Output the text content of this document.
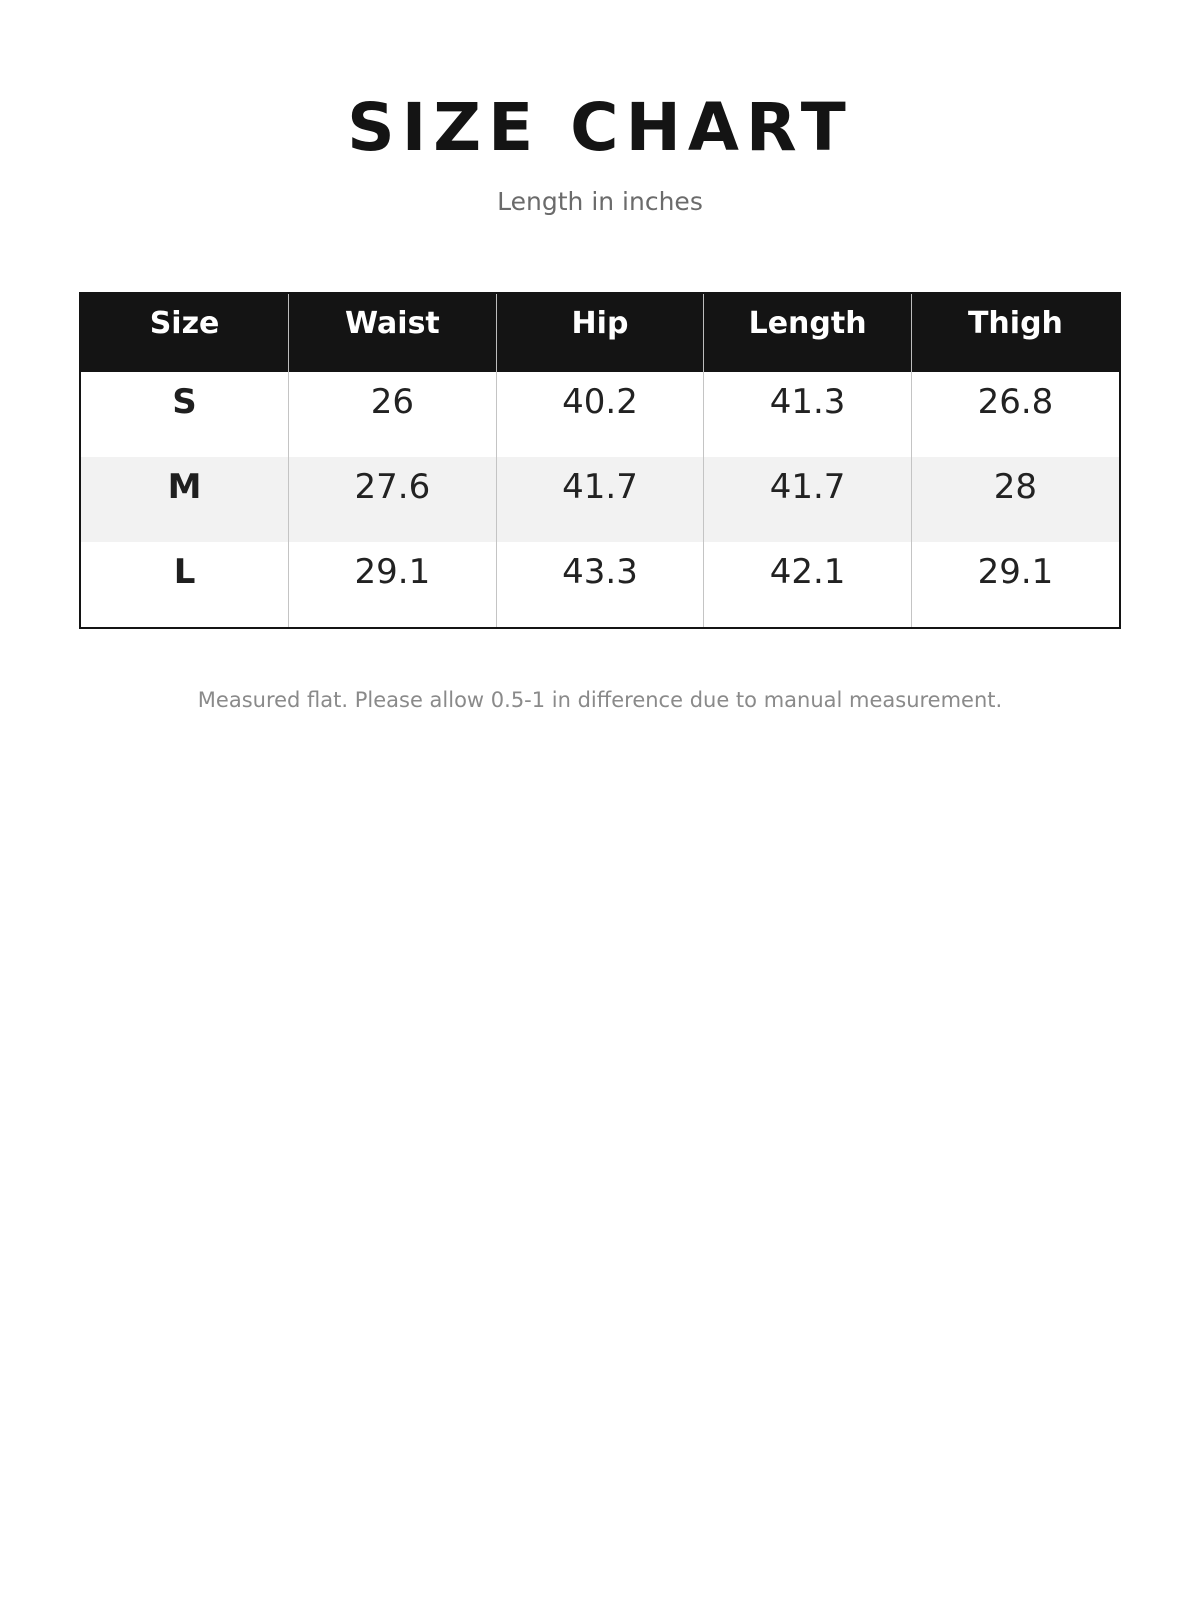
SIZE CHART

Length in inches

Size	Waist	Hip	Length	Thigh
S	26	40.2	41.3	26.8
M	27.6	41.7	41.7	28
L	29.1	43.3	42.1	29.1

Measured flat. Please allow 0.5-1 in difference due to manual measurement.
